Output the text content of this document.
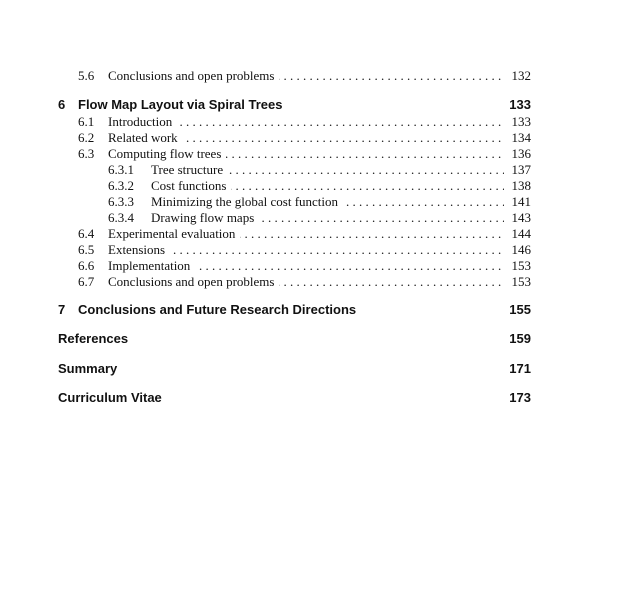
5.6 . . . Conclusions and open problems	132
6 Flow Map Layout via Spiral Trees	133
6.1 . . . Introduction	133
6.2 . . . Related work	134
6.3 . . . Computing flow trees	136
6.3.1 . . . Tree structure	137
6.3.2 . . . Cost functions	138
6.3.3 . . . Minimizing the global cost function	141
6.3.4 . . . Drawing flow maps	143
6.4 . . . Experimental evaluation	144
6.5 . . . Extensions	146
6.6 . . . Implementation	153
6.7 . . . Conclusions and open problems	153
7 Conclusions and Future Research Directions	155
References	159
Summary	171
Curriculum Vitae	173
